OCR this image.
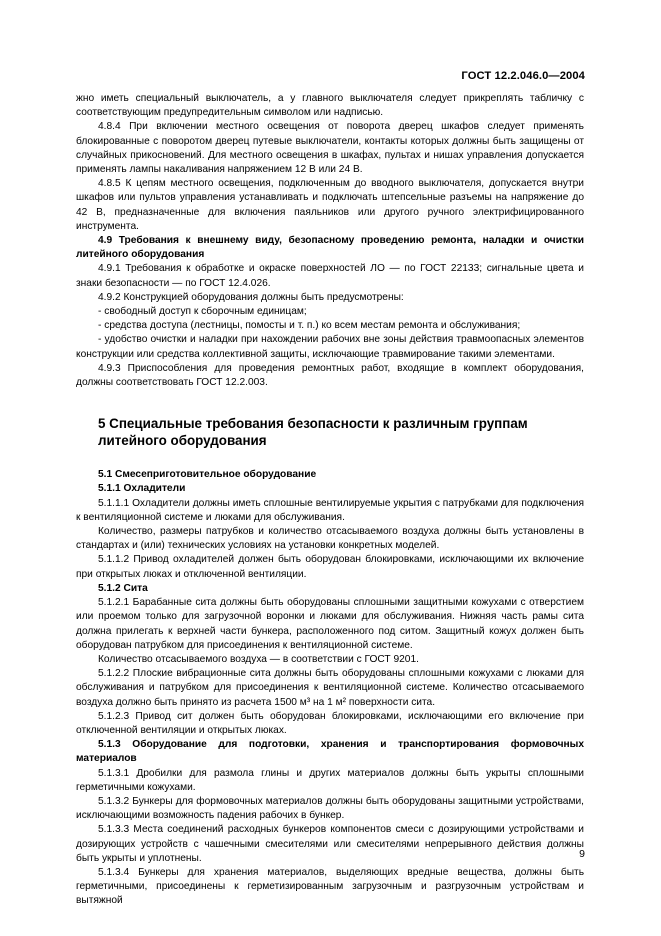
ГОСТ 12.2.046.0—2004

жно иметь специальный выключатель, а у главного выключателя следует прикреплять табличку с соответствующим предупредительным символом или надписью.

4.8.4 При включении местного освещения от поворота дверец шкафов следует применять блокированные с поворотом дверец путевые выключатели, контакты которых должны быть защищены от случайных прикосновений. Для местного освещения в шкафах, пультах и нишах управления допускается применять лампы накаливания напряжением 12 В или 24 В.

4.8.5 К цепям местного освещения, подключенным до вводного выключателя, допускается внутри шкафов или пультов управления устанавливать и подключать штепсельные разъемы на напряжение до 42 В, предназначенные для включения паяльников или другого ручного электрифицированного инструмента.

4.9 Требования к внешнему виду, безопасному проведению ремонта, наладки и очистки литейного оборудования

4.9.1 Требования к обработке и окраске поверхностей ЛО — по ГОСТ 22133; сигнальные цвета и знаки безопасности — по ГОСТ 12.4.026.

4.9.2 Конструкцией оборудования должны быть предусмотрены:

- свободный доступ к сборочным единицам;

- средства доступа (лестницы, помосты и т. п.) ко всем местам ремонта и обслуживания;

- удобство очистки и наладки при нахождении рабочих вне зоны действия травмоопасных элементов конструкции или средства коллективной защиты, исключающие травмирование такими элементами.

4.9.3 Приспособления для проведения ремонтных работ, входящие в комплект оборудования, должны соответствовать ГОСТ 12.2.003.

5 Специальные требования безопасности к различным группам
литейного оборудования

5.1 Смесеприготовительное оборудование

5.1.1 Охладители

5.1.1.1 Охладители должны иметь сплошные вентилируемые укрытия с патрубками для подключения к вентиляционной системе и люками для обслуживания.

Количество, размеры патрубков и количество отсасываемого воздуха должны быть установлены в стандартах и (или) технических условиях на установки конкретных моделей.

5.1.1.2 Привод охладителей должен быть оборудован блокировками, исключающими их включение при открытых люках и отключенной вентиляции.

5.1.2 Сита

5.1.2.1 Барабанные сита должны быть оборудованы сплошными защитными кожухами с отверстием или проемом только для загрузочной воронки и люками для обслуживания. Нижняя часть рамы сита должна прилегать к верхней части бункера, расположенного под ситом. Защитный кожух должен быть оборудован патрубком для присоединения к вентиляционной системе.

Количество отсасываемого воздуха — в соответствии с ГОСТ 9201.

5.1.2.2 Плоские вибрационные сита должны быть оборудованы сплошными кожухами с люками для обслуживания и патрубком для присоединения к вентиляционной системе. Количество отсасываемого воздуха должно быть принято из расчета 1500 м³ на 1 м² поверхности сита.

5.1.2.3 Привод сит должен быть оборудован блокировками, исключающими его включение при отключенной вентиляции и открытых люках.

5.1.3 Оборудование для подготовки, хранения и транспортирования формовочных материалов

5.1.3.1 Дробилки для размола глины и других материалов должны быть укрыты сплошными герметичными кожухами.

5.1.3.2 Бункеры для формовочных материалов должны быть оборудованы защитными устройствами, исключающими возможность падения рабочих в бункер.

5.1.3.3 Места соединений расходных бункеров компонентов смеси с дозирующими устройствами и дозирующих устройств с чашечными смесителями или смесителями непрерывного действия должны быть укрыты и уплотнены.

5.1.3.4 Бункеры для хранения материалов, выделяющих вредные вещества, должны быть герметичными, присоединены к герметизированным загрузочным и разгрузочным устройствам и вытяжной

9
